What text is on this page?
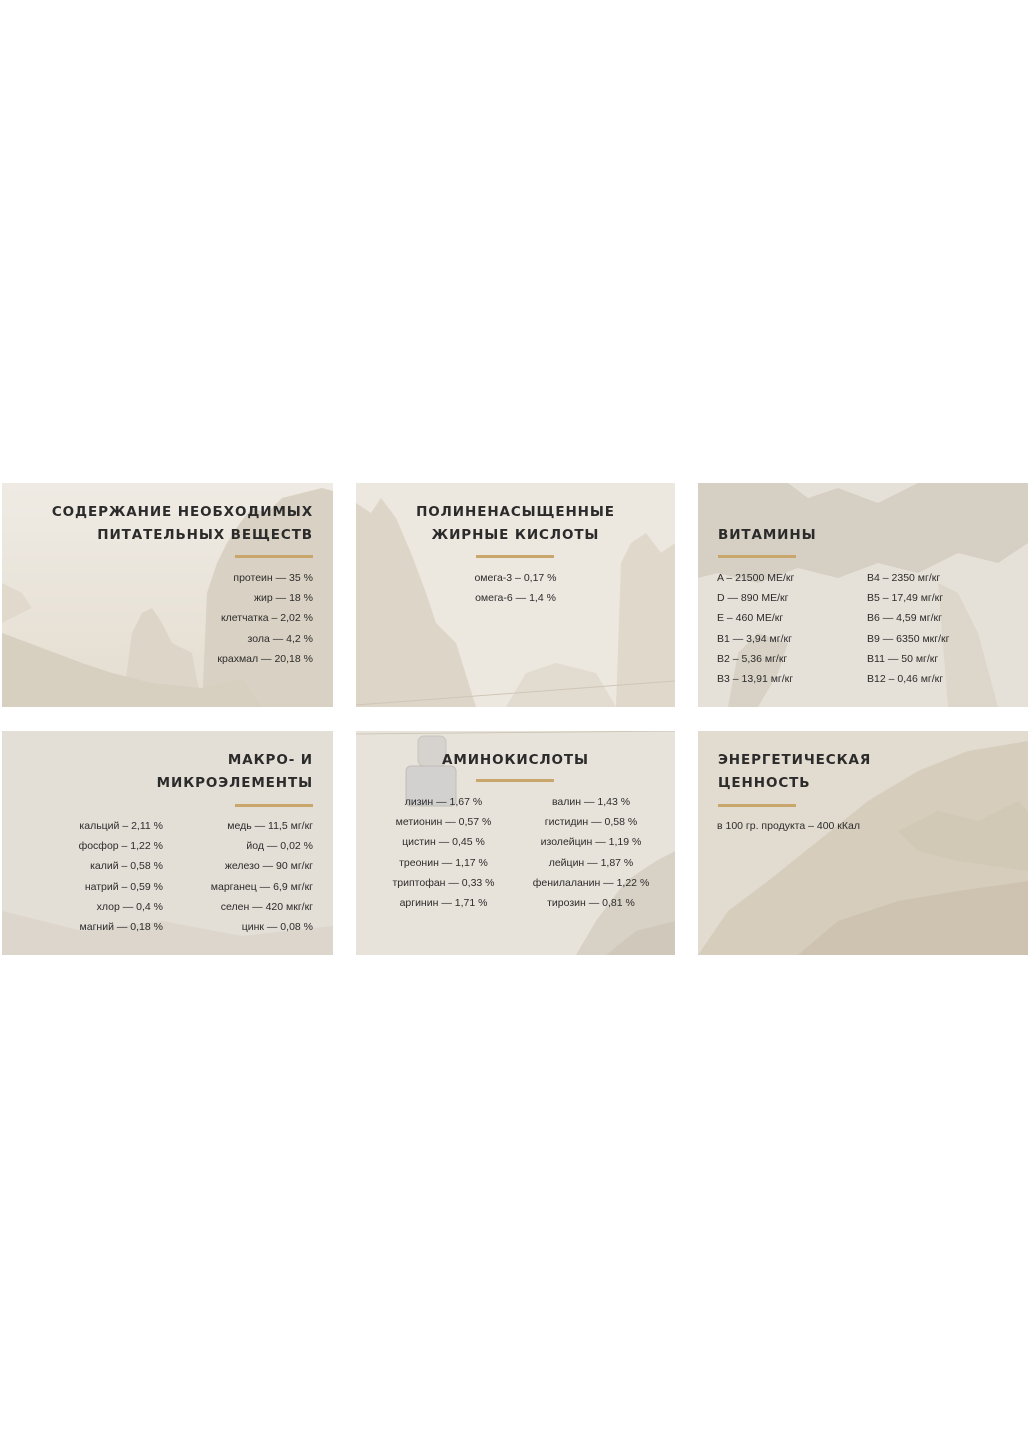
СОДЕРЖАНИЕ НЕОБХОДИМЫХ
ПИТАТЕЛЬНЫХ ВЕЩЕСТВ
протеин — 35 %
жир — 18 %
клетчатка – 2,02 %
зола — 4,2 %
крахмал — 20,18 %
ПОЛИНЕНАСЫЩЕННЫЕ
ЖИРНЫЕ КИСЛОТЫ
омега-3 – 0,17 %
омега-6 — 1,4 %
ВИТАМИНЫ
A – 21500 МЕ/кг
D — 890 МЕ/кг
E – 460 МЕ/кг
B1 — 3,94 мг/кг
B2 – 5,36 мг/кг
B3 – 13,91 мг/кг
B4 – 2350 мг/кг
B5 – 17,49 мг/кг
B6 — 4,59 мг/кг
B9 — 6350 мкг/кг
B11 — 50 мг/кг
B12 – 0,46 мг/кг
МАКРО- И
МИКРОЭЛЕМЕНТЫ
кальций – 2,11 %
фосфор – 1,22 %
калий – 0,58 %
натрий – 0,59 %
хлор — 0,4 %
магний — 0,18 %
медь — 11,5 мг/кг
йод — 0,02 %
железо — 90 мг/кг
марганец — 6,9 мг/кг
селен — 420 мкг/кг
цинк — 0,08 %
АМИНОКИСЛОТЫ
лизин — 1,67 %
метионин — 0,57 %
цистин — 0,45 %
треонин — 1,17 %
триптофан — 0,33 %
аргинин — 1,71 %
валин — 1,43 %
гистидин — 0,58 %
изолейцин — 1,19 %
лейцин — 1,87 %
фенилаланин — 1,22 %
тирозин — 0,81 %
ЭНЕРГЕТИЧЕСКАЯ
ЦЕННОСТЬ
в 100 гр. продукта – 400 кКал
